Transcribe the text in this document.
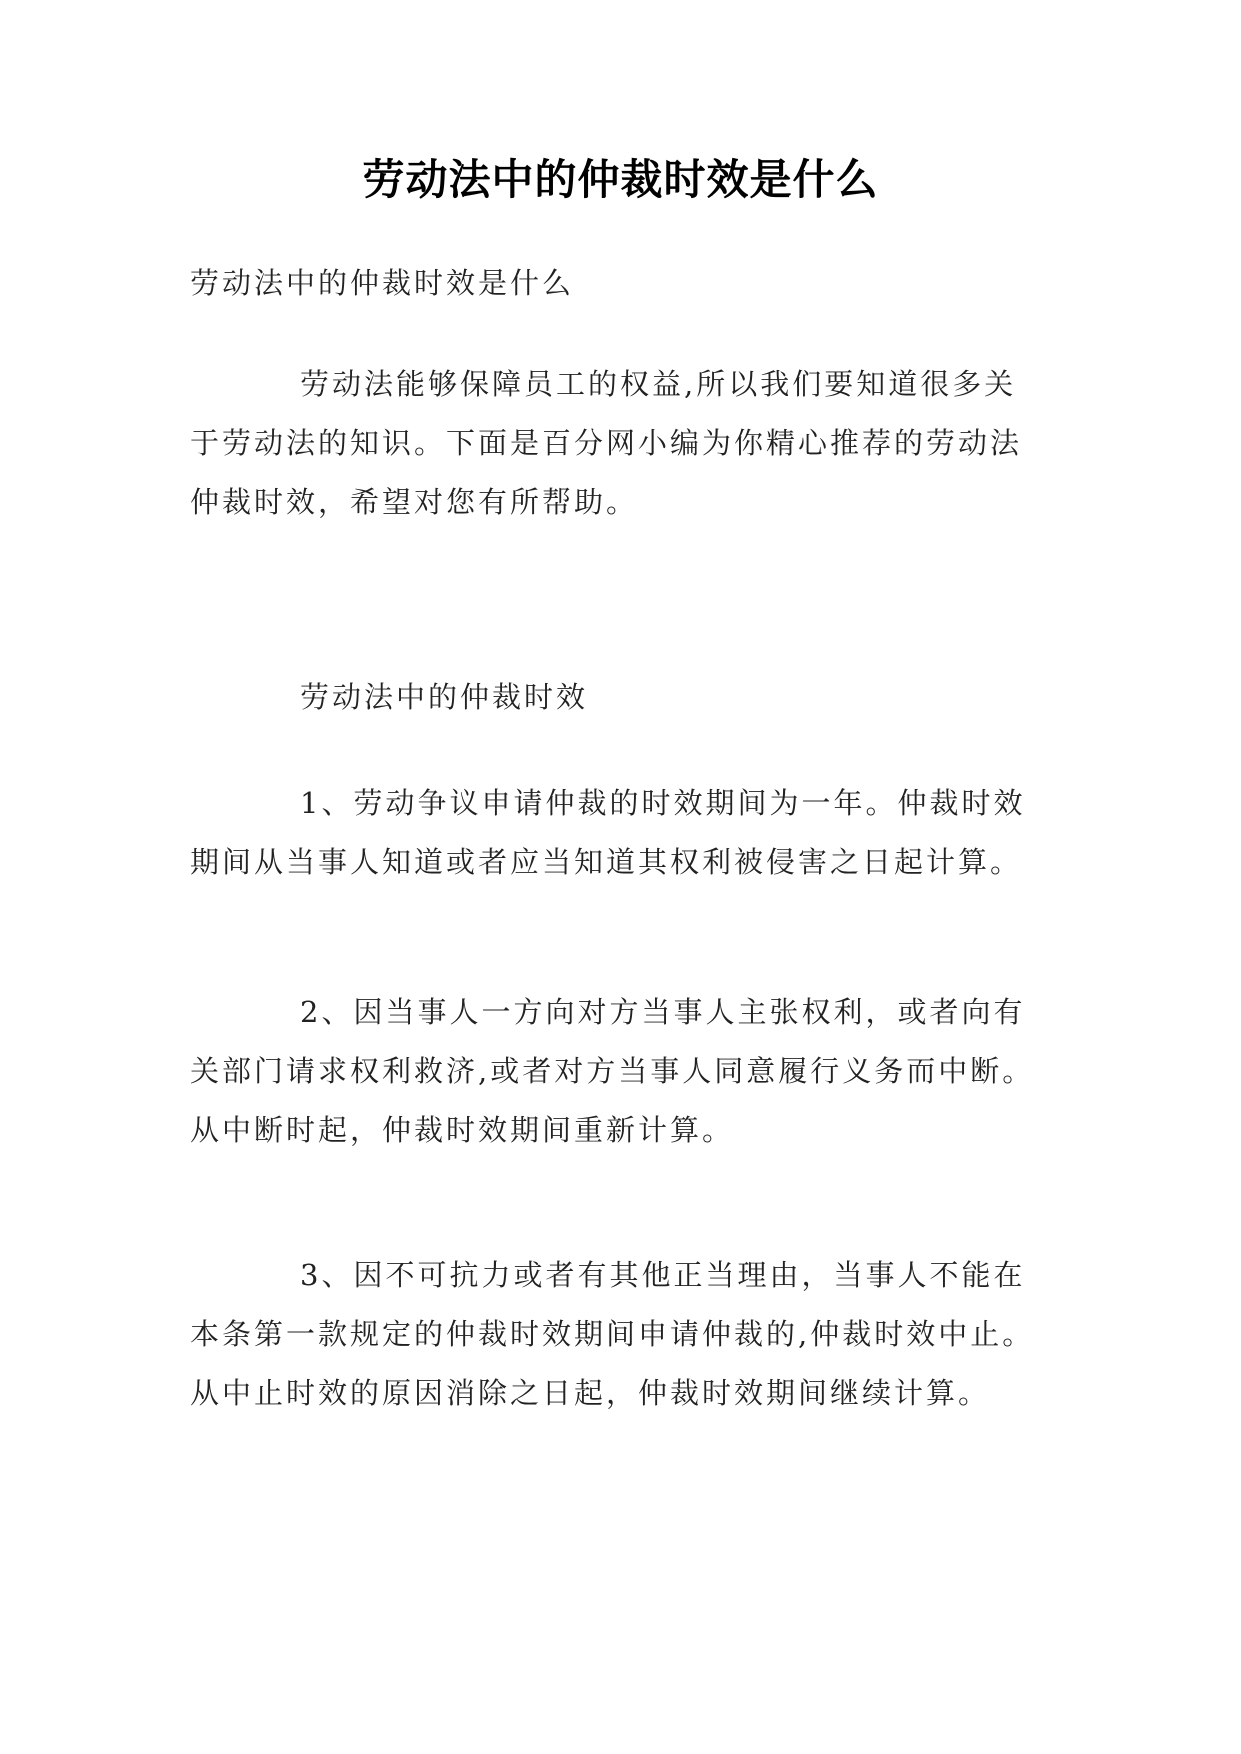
劳动法中的仲裁时效是什么

劳动法中的仲裁时效是什么

劳动法能够保障员工的权益,所以我们要知道很多关
于劳动法的知识。下面是百分网小编为你精心推荐的劳动法
仲裁时效，希望对您有所帮助。

劳动法中的仲裁时效

1、劳动争议申请仲裁的时效期间为一年。仲裁时效
期间从当事人知道或者应当知道其权利被侵害之日起计算。

2、因当事人一方向对方当事人主张权利，或者向有
关部门请求权利救济,或者对方当事人同意履行义务而中断。
从中断时起，仲裁时效期间重新计算。

3、因不可抗力或者有其他正当理由，当事人不能在
本条第一款规定的仲裁时效期间申请仲裁的,仲裁时效中止。
从中止时效的原因消除之日起，仲裁时效期间继续计算。
